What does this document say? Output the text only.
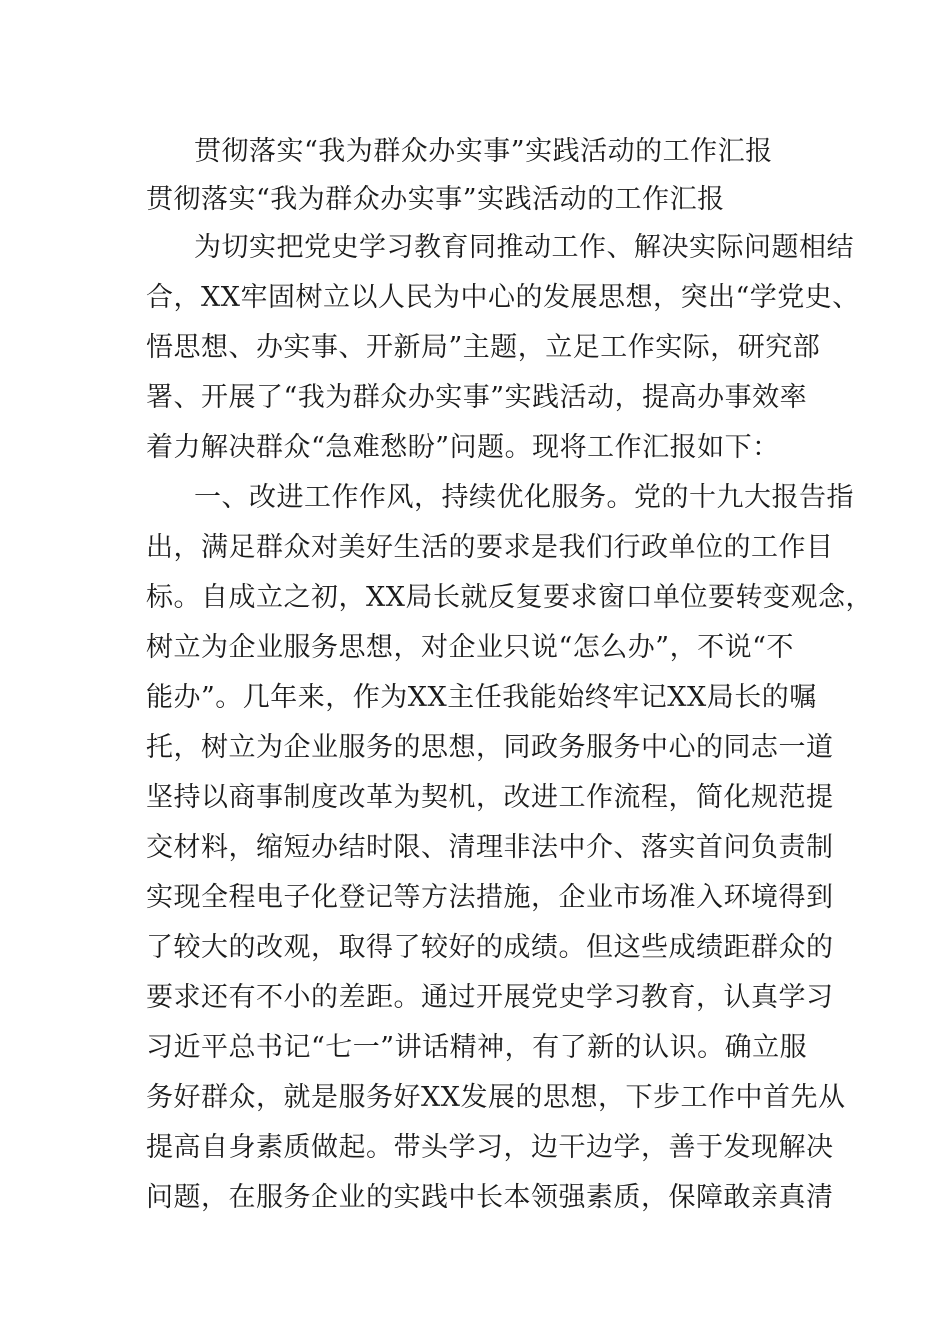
贯彻落实“我为群众办实事”实践活动的工作汇报

贯彻落实“我为群众办实事”实践活动的工作汇报

为切实把党史学习教育同推动工作、解决实际问题相结

合，XX牢固树立以人民为中心的发展思想，突出“学党史、

悟思想、办实事、开新局”主题，立足工作实际，研究部

署、开展了“我为群众办实事”实践活动，提高办事效率

着力解决群众“急难愁盼”问题。现将工作汇报如下：

一、改进工作作风，持续优化服务。党的十九大报告指

出，满足群众对美好生活的要求是我们行政单位的工作目

标。自成立之初，XX局长就反复要求窗口单位要转变观念，

树立为企业服务思想，对企业只说“怎么办”，不说“不

能办”。几年来，作为XX主任我能始终牢记XX局长的嘱

托，树立为企业服务的思想，同政务服务中心的同志一道

坚持以商事制度改革为契机，改进工作流程，简化规范提

交材料，缩短办结时限、清理非法中介、落实首问负责制

实现全程电子化登记等方法措施，企业市场准入环境得到

了较大的改观，取得了较好的成绩。但这些成绩距群众的

要求还有不小的差距。通过开展党史学习教育，认真学习

习近平总书记“七一”讲话精神，有了新的认识。确立服

务好群众，就是服务好XX发展的思想，下步工作中首先从

提高自身素质做起。带头学习，边干边学，善于发现解决

问题，在服务企业的实践中长本领强素质，保障敢亲真清
